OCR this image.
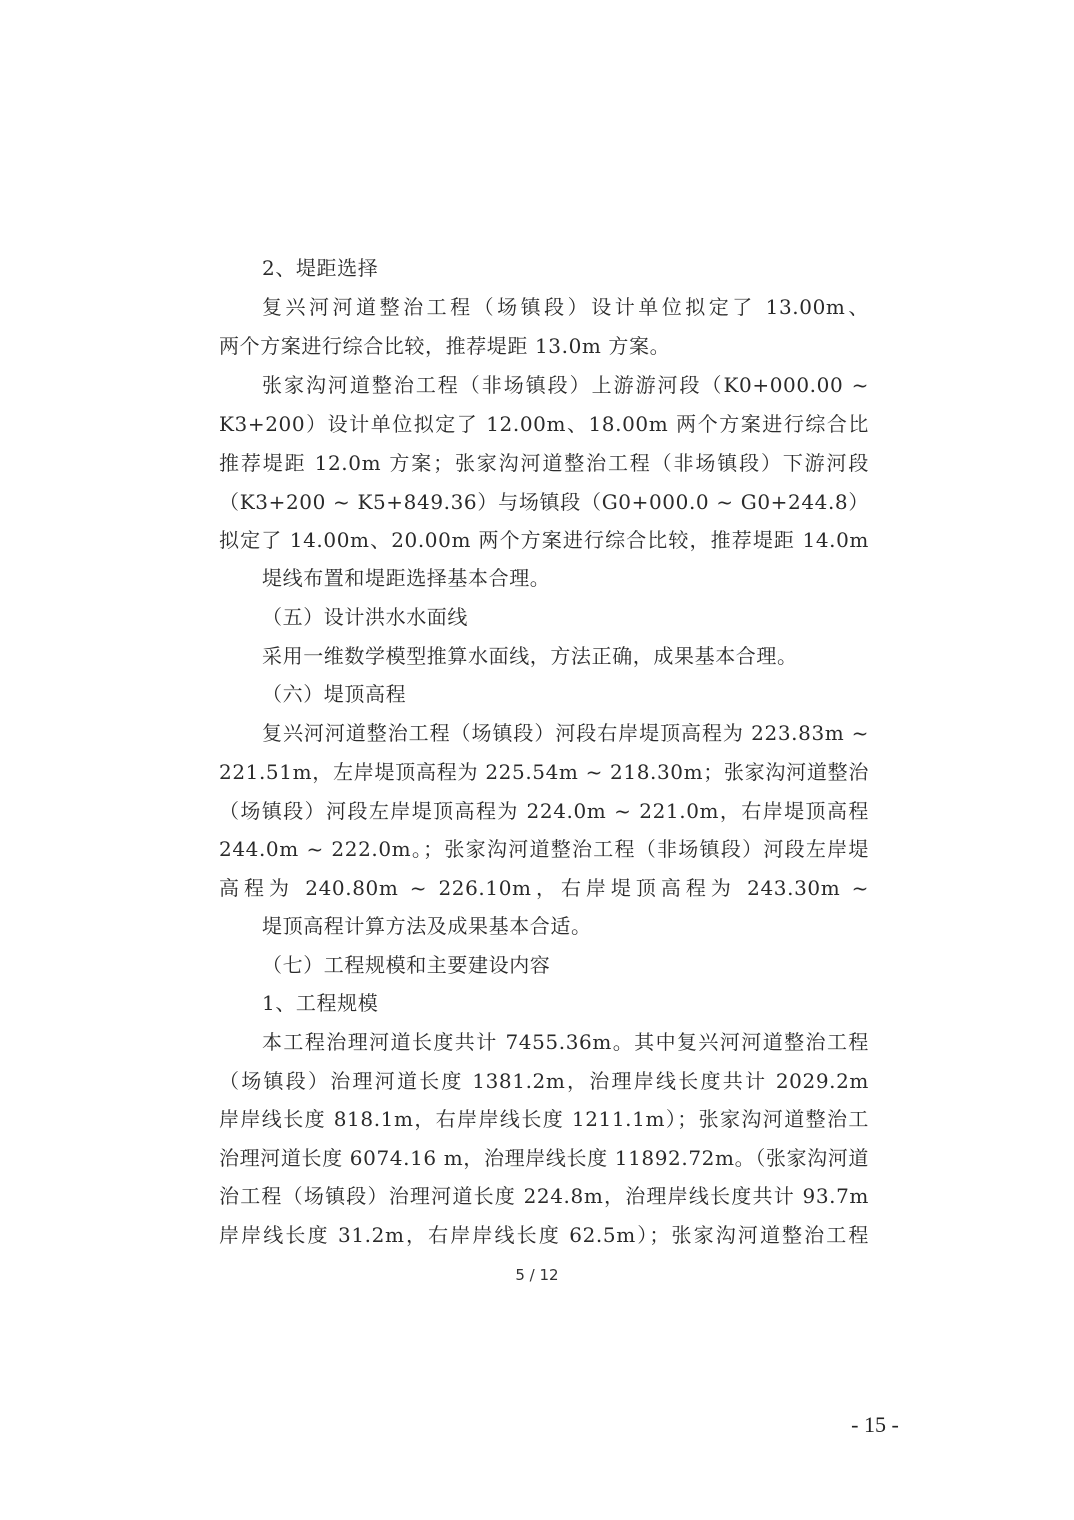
2、堤距选择
复兴河河道整治工程（场镇段）设计单位拟定了 13.00m、
两个方案进行综合比较，推荐堤距 13.0m 方案。
张家沟河道整治工程（非场镇段）上游游河段（K0+000.00 ~
K3+200）设计单位拟定了 12.00m、18.00m 两个方案进行综合比
推荐堤距 12.0m 方案；张家沟河道整治工程（非场镇段）下游河段
（K3+200 ~ K5+849.36）与场镇段（G0+000.0 ~ G0+244.8）
拟定了 14.00m、20.00m 两个方案进行综合比较，推荐堤距 14.0m
堤线布置和堤距选择基本合理。
（五）设计洪水水面线
采用一维数学模型推算水面线，方法正确，成果基本合理。
（六）堤顶高程
复兴河河道整治工程（场镇段）河段右岸堤顶高程为 223.83m ~
221.51m，左岸堤顶高程为 225.54m ~ 218.30m；张家沟河道整治
（场镇段）河段左岸堤顶高程为 224.0m ~ 221.0m，右岸堤顶高程
244.0m ~ 222.0m。；张家沟河道整治工程（非场镇段）河段左岸堤
高程为 240.80m ~ 226.10m，右岸堤顶高程为 243.30m ~
堤顶高程计算方法及成果基本合适。
（七）工程规模和主要建设内容
1、工程规模
本工程治理河道长度共计 7455.36m。其中复兴河河道整治工程
（场镇段）治理河道长度 1381.2m，治理岸线长度共计 2029.2m
岸岸线长度 818.1m，右岸岸线长度 1211.1m）；张家沟河道整治工
治理河道长度 6074.16 m，治理岸线长度 11892.72m。（张家沟河道
治工程（场镇段）治理河道长度 224.8m，治理岸线长度共计 93.7m
岸岸线长度 31.2m，右岸岸线长度 62.5m）；张家沟河道整治工程
5 / 12
- 15 -
